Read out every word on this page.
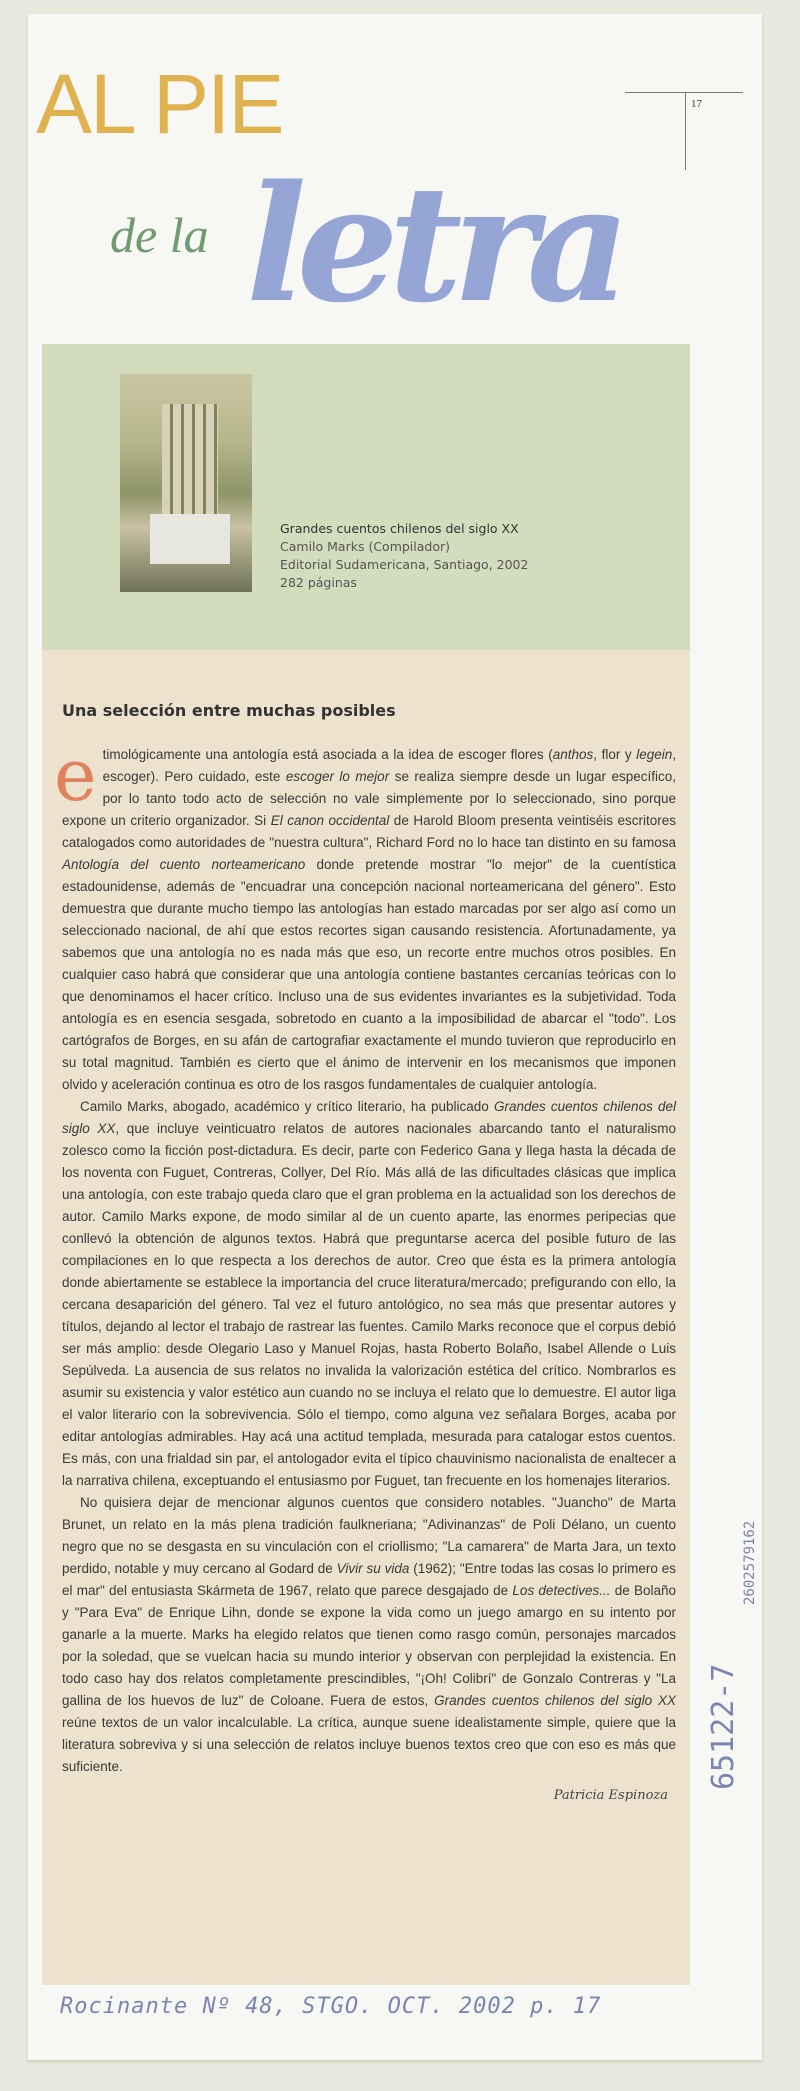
17
AL PIE
de la letra
Grandes cuentos chilenos del siglo XX
Camilo Marks (Compilador)
Editorial Sudamericana, Santiago, 2002
282 páginas
Una selección entre muchas posibles

etimológicamente una antología está asociada a la idea de escoger flores (anthos, flor y legein, escoger). Pero cuidado, este escoger lo mejor se realiza siempre desde un lugar específico, por lo tanto todo acto de selección no vale simplemente por lo seleccionado, sino porque expone un criterio organizador. Si El canon occidental de Harold Bloom presenta veintiséis escritores catalogados como autoridades de "nuestra cultura", Richard Ford no lo hace tan distinto en su famosa Antología del cuento norteamericano donde pretende mostrar "lo mejor" de la cuentística estadounidense, además de "encuadrar una concepción nacional norteamericana del género". Esto demuestra que durante mucho tiempo las antologías han estado marcadas por ser algo así como un seleccionado nacional, de ahí que estos recortes sigan causando resistencia. Afortunadamente, ya sabemos que una antología no es nada más que eso, un recorte entre muchos otros posibles. En cualquier caso habrá que considerar que una antología contiene bastantes cercanías teóricas con lo que denominamos el hacer crítico. Incluso una de sus evidentes invariantes es la subjetividad. Toda antología es en esencia sesgada, sobretodo en cuanto a la imposibilidad de abarcar el "todo". Los cartógrafos de Borges, en su afán de cartografiar exactamente el mundo tuvieron que reproducirlo en su total magnitud. También es cierto que el ánimo de intervenir en los mecanismos que imponen olvido y aceleración continua es otro de los rasgos fundamentales de cualquier antología.

Camilo Marks, abogado, académico y crítico literario, ha publicado Grandes cuentos chilenos del siglo XX, que incluye veinticuatro relatos de autores nacionales abarcando tanto el naturalismo zolesco como la ficción post-dictadura. Es decir, parte con Federico Gana y llega hasta la década de los noventa con Fuguet, Contreras, Collyer, Del Río. Más allá de las dificultades clásicas que implica una antología, con este trabajo queda claro que el gran problema en la actualidad son los derechos de autor. Camilo Marks expone, de modo similar al de un cuento aparte, las enormes peripecias que conllevó la obtención de algunos textos. Habrá que preguntarse acerca del posible futuro de las compilaciones en lo que respecta a los derechos de autor. Creo que ésta es la primera antología donde abiertamente se establece la importancia del cruce literatura/mercado; prefigurando con ello, la cercana desaparición del género. Tal vez el futuro antológico, no sea más que presentar autores y títulos, dejando al lector el trabajo de rastrear las fuentes. Camilo Marks reconoce que el corpus debió ser más amplio: desde Olegario Laso y Manuel Rojas, hasta Roberto Bolaño, Isabel Allende o Luis Sepúlveda. La ausencia de sus relatos no invalida la valorización estética del crítico. Nombrarlos es asumir su existencia y valor estético aun cuando no se incluya el relato que lo demuestre. El autor liga el valor literario con la sobrevivencia. Sólo el tiempo, como alguna vez señalara Borges, acaba por editar antologías admirables. Hay acá una actitud templada, mesurada para catalogar estos cuentos. Es más, con una frialdad sin par, el antologador evita el típico chauvinismo nacionalista de enaltecer a la narrativa chilena, exceptuando el entusiasmo por Fuguet, tan frecuente en los homenajes literarios.

No quisiera dejar de mencionar algunos cuentos que considero notables. "Juancho" de Marta Brunet, un relato en la más plena tradición faulkneriana; "Adivinanzas" de Poli Délano, un cuento negro que no se desgasta en su vinculación con el criollismo; "La camarera" de Marta Jara, un texto perdido, notable y muy cercano al Godard de Vivir su vida (1962); "Entre todas las cosas lo primero es el mar" del entusiasta Skármeta de 1967, relato que parece desgajado de Los detectives... de Bolaño y "Para Eva" de Enrique Lihn, donde se expone la vida como un juego amargo en su intento por ganarle a la muerte. Marks ha elegido relatos que tienen como rasgo común, personajes marcados por la soledad, que se vuelcan hacia su mundo interior y observan con perplejidad la existencia. En todo caso hay dos relatos completamente prescindibles, "¡Oh! Colibrí" de Gonzalo Contreras y "La gallina de los huevos de luz" de Coloane. Fuera de estos, Grandes cuentos chilenos del siglo XX reúne textos de un valor incalculable. La crítica, aunque suene idealistamente simple, quiere que la literatura sobreviva y si una selección de relatos incluye buenos textos creo que con eso es más que suficiente.

Patricia Espinoza
Rocinante Nº 48, STGO. OCT. 2002 p. 17
65122-7
2602579162
